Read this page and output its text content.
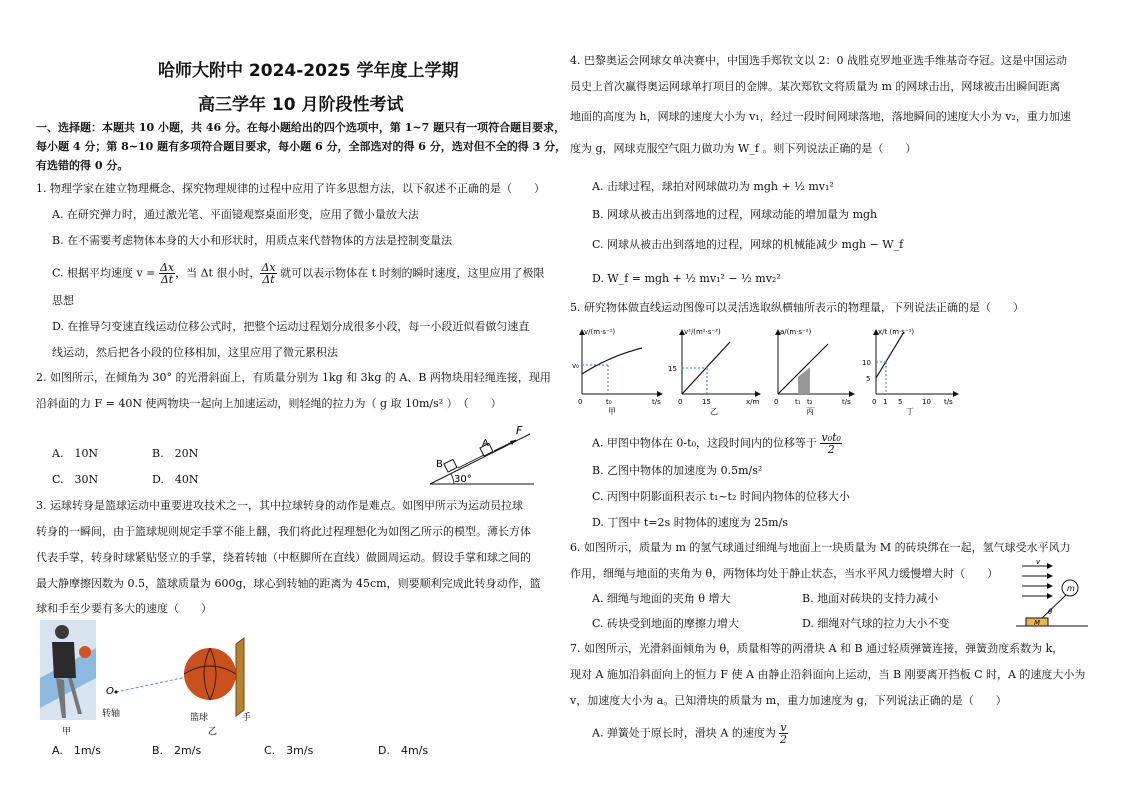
哈师大附中 2024-2025 学年度上学期
高三学年 10 月阶段性考试
一、选择题：本题共 10 小题，共 46 分。在每小题给出的四个选项中，第 1~7 题只有一项符合题目要求，
每小题 4 分；第 8~10 题有多项符合题目要求，每小题 6 分，全部选对的得 6 分，选对但不全的得 3 分，
有选错的得 0 分。
1. 物理学家在建立物理概念、探究物理规律的过程中应用了许多思想方法，以下叙述不正确的是（　　）
A. 在研究弹力时，通过激光笔、平面镜观察桌面形变，应用了微小量放大法
B. 在不需要考虑物体本身的大小和形状时，用质点来代替物体的方法是控制变量法
C. 根据平均速度 $v = \frac{\Delta x}{\Delta t}$ ，当 Δt 很小时， $\frac{\Delta x}{\Delta t}$ 就可以表示物体在 t 时刻的瞬时速度，这里应用了极限
思想
D. 在推导匀变速直线运动位移公式时，把整个运动过程划分成很多小段，每一小段近似看做匀速直
线运动，然后把各小段的位移相加，这里应用了微元累积法
2. 如图所示，在倾角为 30° 的光滑斜面上，有质量分别为 1kg 和 3kg 的 A、B 两物块用轻绳连接，现用
沿斜面的力 F = 40N 使两物块一起向上加速运动，则轻绳的拉力为（ g 取 10m/s² ）　（　　）
A.　10N	B.　20N
C.　30N	D.　40N
B
A
F
30°
3. 运球转身是篮球运动中重要进攻技术之一，其中拉球转身的动作是难点。如图甲所示为运动员拉球
转身的一瞬间，由于篮球规则规定手掌不能上翻，我们将此过程理想化为如图乙所示的模型。薄长方体
代表手掌，转身时球紧贴竖立的手掌，绕着转轴（中枢脚所在直线）做圆周运动。假设手掌和球之间的
最大静摩擦因数为 0.5，篮球质量为 600g，球心到转轴的距离为 45cm，则要顺利完成此转身动作，篮
球和手至少要有多大的速度（　　）
O
转轴
甲
篮球	手
乙
A.　1m/s	B.　2m/s	C.　3m/s	D.　4m/s
4. 巴黎奥运会网球女单决赛中，中国选手郑钦文以 2：0 战胜克罗地亚选手维基奇夺冠。这是中国运动
员史上首次赢得奥运网球单打项目的金牌。某次郑钦文将质量为 m 的网球击出，网球被击出瞬间距离
地面的高度为 h，网球的速度大小为 v₁，经过一段时间网球落地，落地瞬间的速度大小为 v₂，重力加速
度为 g，网球克服空气阻力做功为 W_f 。则下列说法正确的是（　　）
A. 击球过程，球拍对网球做功为 mgh + ½ mv₁²
B. 网球从被击出到落地的过程，网球动能的增加量为 mgh
C. 网球从被击出到落地的过程，网球的机械能减少 mgh − W_f
D. W_f = mgh + ½ mv₁² − ½ mv₂²
5. 研究物体做直线运动图像可以灵活选取纵横轴所表示的物理量，下列说法正确的是（　　）
v/(m·s⁻¹)
v₀
0	t₀	t/s
甲
v²/(m²·s⁻²)
15
0	15	x/m
乙
a/(m·s⁻²)
0 t₁ t₂	t/s
丙
x/t (m·s⁻¹)
10
5
0 1 5	10 t/s
丁
A. 甲图中物体在 0-t₀，这段时间内的位移等于 $\frac{\text{v₀t₀}}{2}$
B. 乙图中物体的加速度为 0.5m/s²
C. 丙图中阴影面积表示 t₁~t₂ 时间内物体的位移大小
D. 丁图中 t=2s 时物体的速度为 25m/s
6. 如图所示，质量为 m 的氢气球通过细绳与地面上一块质量为 M 的砖块绑在一起，氢气球受水平风力
作用，细绳与地面的夹角为 θ，两物体均处于静止状态，当水平风力缓慢增大时（　　）
A. 细绳与地面的夹角 θ 增大	B. 地面对砖块的支持力减小
C. 砖块受到地面的摩擦力增大	D. 细绳对气球的拉力大小不变
v
m
M
θ
7. 如图所示，光滑斜面倾角为 θ，质量相等的两滑块 A 和 B 通过轻质弹簧连接，弹簧劲度系数为 k，
现对 A 施加沿斜面向上的恒力 F 使 A 由静止沿斜面向上运动，当 B 刚要离开挡板 C 时，A 的速度大小为
v，加速度大小为 a。已知滑块的质量为 m，重力加速度为 g，下列说法正确的是（　　）
A. 弹簧处于原长时，滑块 A 的速度为 $\frac{v}{2}$
